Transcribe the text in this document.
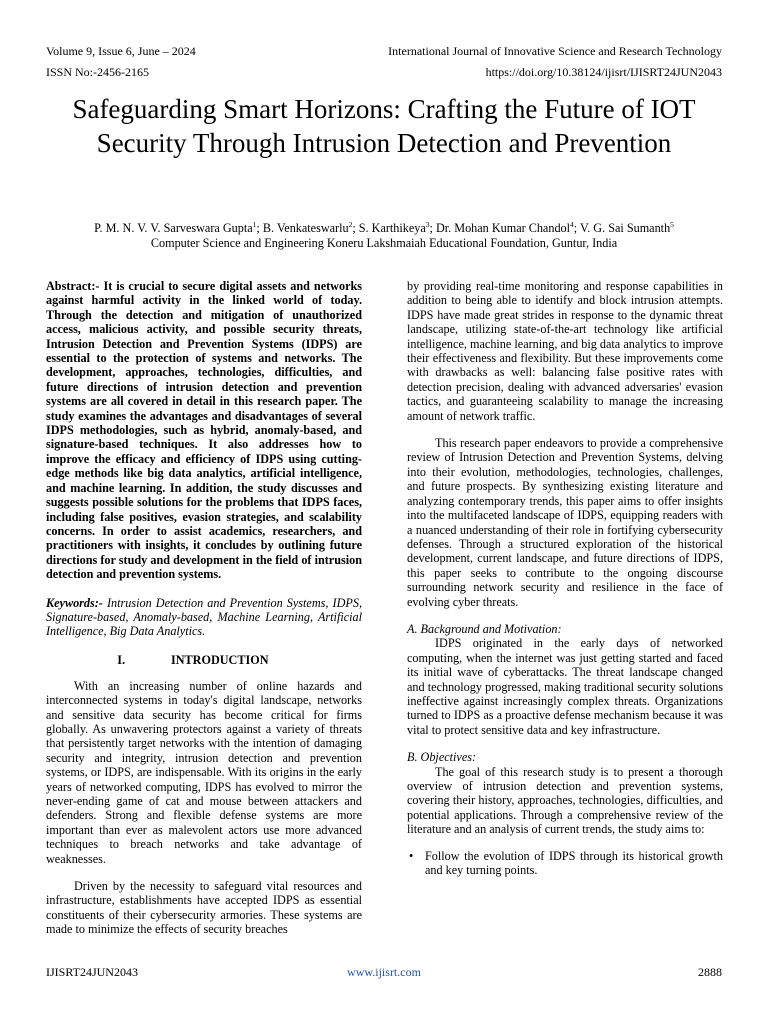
Volume 9, Issue 6, June – 2024	International Journal of Innovative Science and Research Technology
ISSN No:-2456-2165	https://doi.org/10.38124/ijisrt/IJISRT24JUN2043
Safeguarding Smart Horizons: Crafting the Future of IOT Security Through Intrusion Detection and Prevention
P. M. N. V. V. Sarveswara Gupta$^1$; B. Venkateswarlu$^2$; S. Karthikeya$^3$; Dr. Mohan Kumar Chandol$^4$; V. G. Sai Sumanth$^5$
Computer Science and Engineering Koneru Lakshmaiah Educational Foundation, Guntur, India

Abstract:- It is crucial to secure digital assets and networks against harmful activity in the linked world of today. Through the detection and mitigation of unauthorized access, malicious activity, and possible security threats, Intrusion Detection and Prevention Systems (IDPS) are essential to the protection of systems and networks. The development, approaches, technologies, difficulties, and future directions of intrusion detection and prevention systems are all covered in detail in this research paper. The study examines the advantages and disadvantages of several IDPS methodologies, such as hybrid, anomaly-based, and signature-based techniques. It also addresses how to improve the efficacy and efficiency of IDPS using cutting-edge methods like big data analytics, artificial intelligence, and machine learning. In addition, the study discusses and suggests possible solutions for the problems that IDPS faces, including false positives, evasion strategies, and scalability concerns. In order to assist academics, researchers, and practitioners with insights, it concludes by outlining future directions for study and development in the field of intrusion detection and prevention systems.

Keywords:- Intrusion Detection and Prevention Systems, IDPS, Signature-based, Anomaly-based, Machine Learning, Artificial Intelligence, Big Data Analytics.

I.	INTRODUCTION

With an increasing number of online hazards and interconnected systems in today's digital landscape, networks and sensitive data security has become critical for firms globally. As unwavering protectors against a variety of threats that persistently target networks with the intention of damaging security and integrity, intrusion detection and prevention systems, or IDPS, are indispensable. With its origins in the early years of networked computing, IDPS has evolved to mirror the never-ending game of cat and mouse between attackers and defenders. Strong and flexible defense systems are more important than ever as malevolent actors use more advanced techniques to breach networks and take advantage of weaknesses.

Driven by the necessity to safeguard vital resources and infrastructure, establishments have accepted IDPS as essential constituents of their cybersecurity armories. These systems are made to minimize the effects of security breaches

by providing real-time monitoring and response capabilities in addition to being able to identify and block intrusion attempts. IDPS have made great strides in response to the dynamic threat landscape, utilizing state-of-the-art technology like artificial intelligence, machine learning, and big data analytics to improve their effectiveness and flexibility. But these improvements come with drawbacks as well: balancing false positive rates with detection precision, dealing with advanced adversaries' evasion tactics, and guaranteeing scalability to manage the increasing amount of network traffic.

This research paper endeavors to provide a comprehensive review of Intrusion Detection and Prevention Systems, delving into their evolution, methodologies, technologies, challenges, and future prospects. By synthesizing existing literature and analyzing contemporary trends, this paper aims to offer insights into the multifaceted landscape of IDPS, equipping readers with a nuanced understanding of their role in fortifying cybersecurity defenses. Through a structured exploration of the historical development, current landscape, and future directions of IDPS, this paper seeks to contribute to the ongoing discourse surrounding network security and resilience in the face of evolving cyber threats.

A. Background and Motivation:

IDPS originated in the early days of networked computing, when the internet was just getting started and faced its initial wave of cyberattacks. The threat landscape changed and technology progressed, making traditional security solutions ineffective against increasingly complex threats. Organizations turned to IDPS as a proactive defense mechanism because it was vital to protect sensitive data and key infrastructure.

B. Objectives:

The goal of this research study is to present a thorough overview of intrusion detection and prevention systems, covering their history, approaches, technologies, difficulties, and potential applications. Through a comprehensive review of the literature and an analysis of current trends, the study aims to:

• Follow the evolution of IDPS through its historical growth and key turning points.
IJISRT24JUN2043	www.ijisrt.com	2888
